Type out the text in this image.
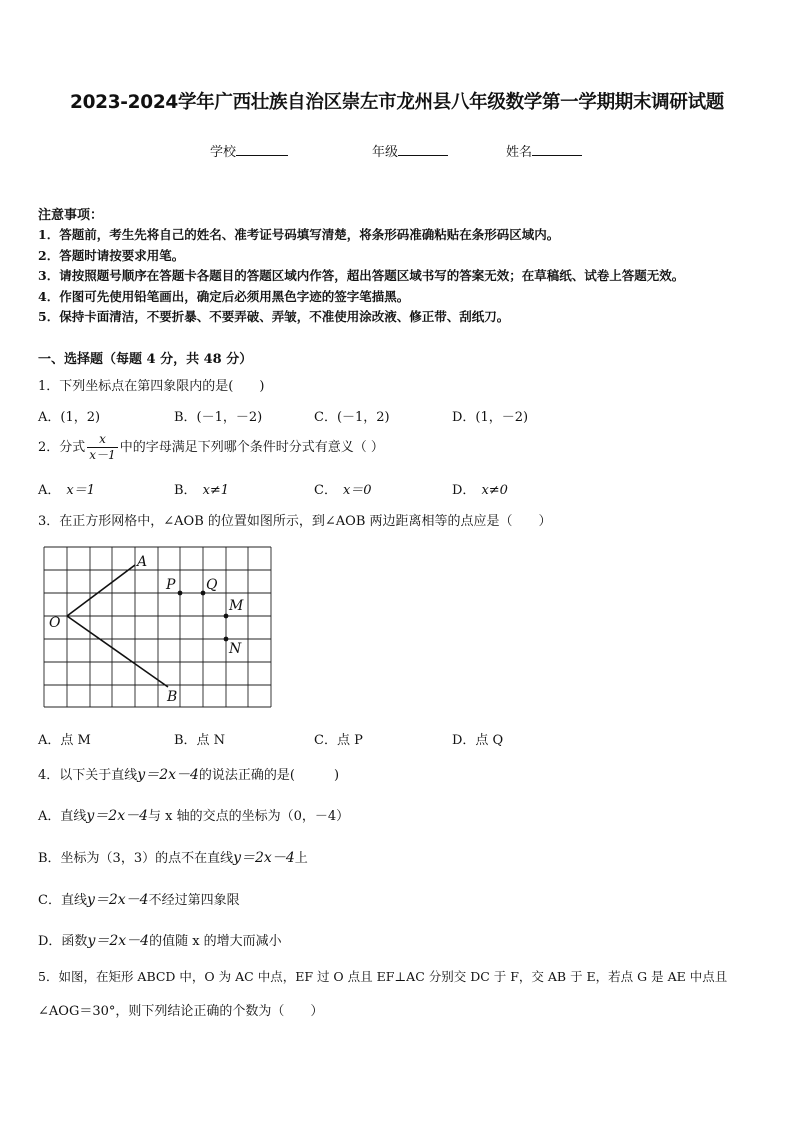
2023-2024学年广西壮族自治区崇左市龙州县八年级数学第一学期期末调研试题
学校	年级	姓名
注意事项：
1．答题前，考生先将自己的姓名、准考证号码填写清楚，将条形码准确粘贴在条形码区域内。
2．答题时请按要求用笔。
3．请按照题号顺序在答题卡各题目的答题区域内作答，超出答题区域书写的答案无效；在草稿纸、试卷上答题无效。
4．作图可先使用铅笔画出，确定后必须用黑色字迹的签字笔描黑。
5．保持卡面清洁，不要折暴、不要弄破、弄皱，不准使用涂改液、修正带、刮纸刀。
一、选择题（每题 4 分，共 48 分）
1．下列坐标点在第四象限内的是(　　)
A．(1，2)	B．(－1，－2)	C．(－1，2)	D．(1，－2)
2．分式 $\frac{x}{x-1}$ 中的字母满足下列哪个条件时分式有意义（ ）
A． x＝1	B． x≠1	C． x＝0	D． x≠0
3．在正方形网格中，∠AOB 的位置如图所示，到∠AOB 两边距离相等的点应是（　　）
A
O
B
P Q
M
N
A．点 M	B．点 N	C．点 P	D．点 Q
4．以下关于直线y＝2x－4的说法正确的是(　　　)
A．直线y＝2x－4与 x 轴的交点的坐标为（0，－4）
B．坐标为（3，3）的点不在直线y＝2x－4上
C．直线y＝2x－4不经过第四象限
D．函数y＝2x－4的值随 x 的增大而减小
5．如图，在矩形 ABCD 中，O 为 AC 中点，EF 过 O 点且 EF⊥AC 分别交 DC 于 F，交 AB 于 E，若点 G 是 AE 中点且
∠AOG＝30°，则下列结论正确的个数为（　　）
